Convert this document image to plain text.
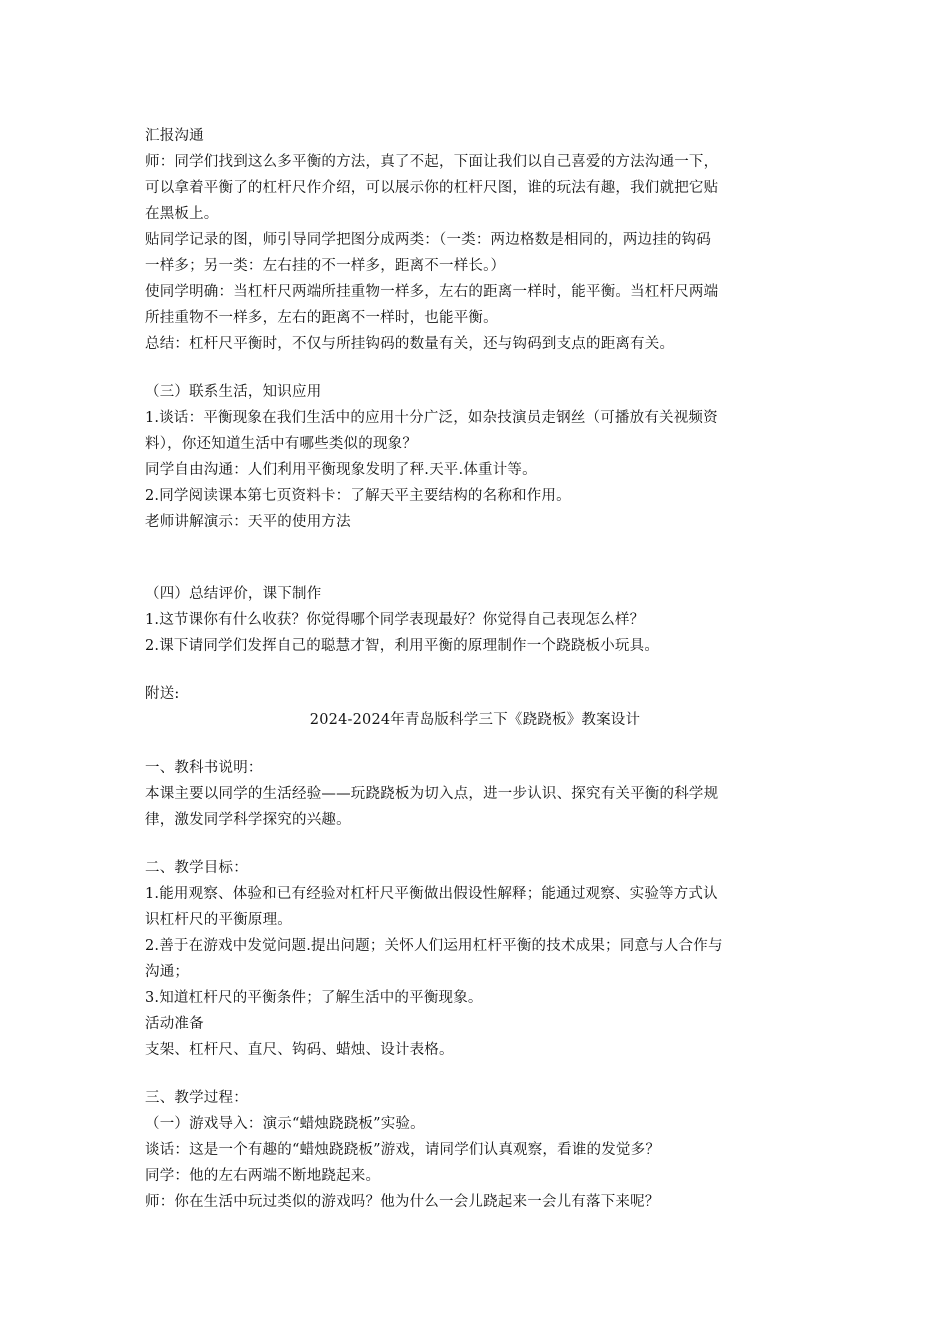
汇报沟通
师：同学们找到这么多平衡的方法，真了不起，下面让我们以自己喜爱的方法沟通一下，
可以拿着平衡了的杠杆尺作介绍，可以展示你的杠杆尺图，谁的玩法有趣，我们就把它贴
在黑板上。
贴同学记录的图，师引导同学把图分成两类：（一类：两边格数是相同的，两边挂的钩码
一样多；另一类：左右挂的不一样多，距离不一样长。）
使同学明确：当杠杆尺两端所挂重物一样多，左右的距离一样时，能平衡。当杠杆尺两端
所挂重物不一样多，左右的距离不一样时，也能平衡。
总结：杠杆尺平衡时，不仅与所挂钩码的数量有关，还与钩码到支点的距离有关。
（三）联系生活，知识应用
1.谈话：平衡现象在我们生活中的应用十分广泛，如杂技演员走钢丝（可播放有关视频资
料），你还知道生活中有哪些类似的现象？
同学自由沟通：人们利用平衡现象发明了秤.天平.体重计等。
2.同学阅读课本第七页资料卡：了解天平主要结构的名称和作用。
老师讲解演示：天平的使用方法
（四）总结评价，课下制作
1.这节课你有什么收获？你觉得哪个同学表现最好？你觉得自己表现怎么样？
2.课下请同学们发挥自己的聪慧才智，利用平衡的原理制作一个跷跷板小玩具。
附送:
2024-2024年青岛版科学三下《跷跷板》教案设计
一、教科书说明：
本课主要以同学的生活经验——玩跷跷板为切入点，进一步认识、探究有关平衡的科学规
律，激发同学科学探究的兴趣。
二、教学目标：
1.能用观察、体验和已有经验对杠杆尺平衡做出假设性解释；能通过观察、实验等方式认
识杠杆尺的平衡原理。
2.善于在游戏中发觉问题.提出问题；关怀人们运用杠杆平衡的技术成果；同意与人合作与
沟通；
3.知道杠杆尺的平衡条件；了解生活中的平衡现象。
活动准备
支架、杠杆尺、直尺、钩码、蜡烛、设计表格。
三、教学过程：
（一）游戏导入：演示“蜡烛跷跷板”实验。
谈话：这是一个有趣的“蜡烛跷跷板”游戏，请同学们认真观察，看谁的发觉多？
同学：他的左右两端不断地跷起来。
师：你在生活中玩过类似的游戏吗？他为什么一会儿跷起来一会儿有落下来呢？
